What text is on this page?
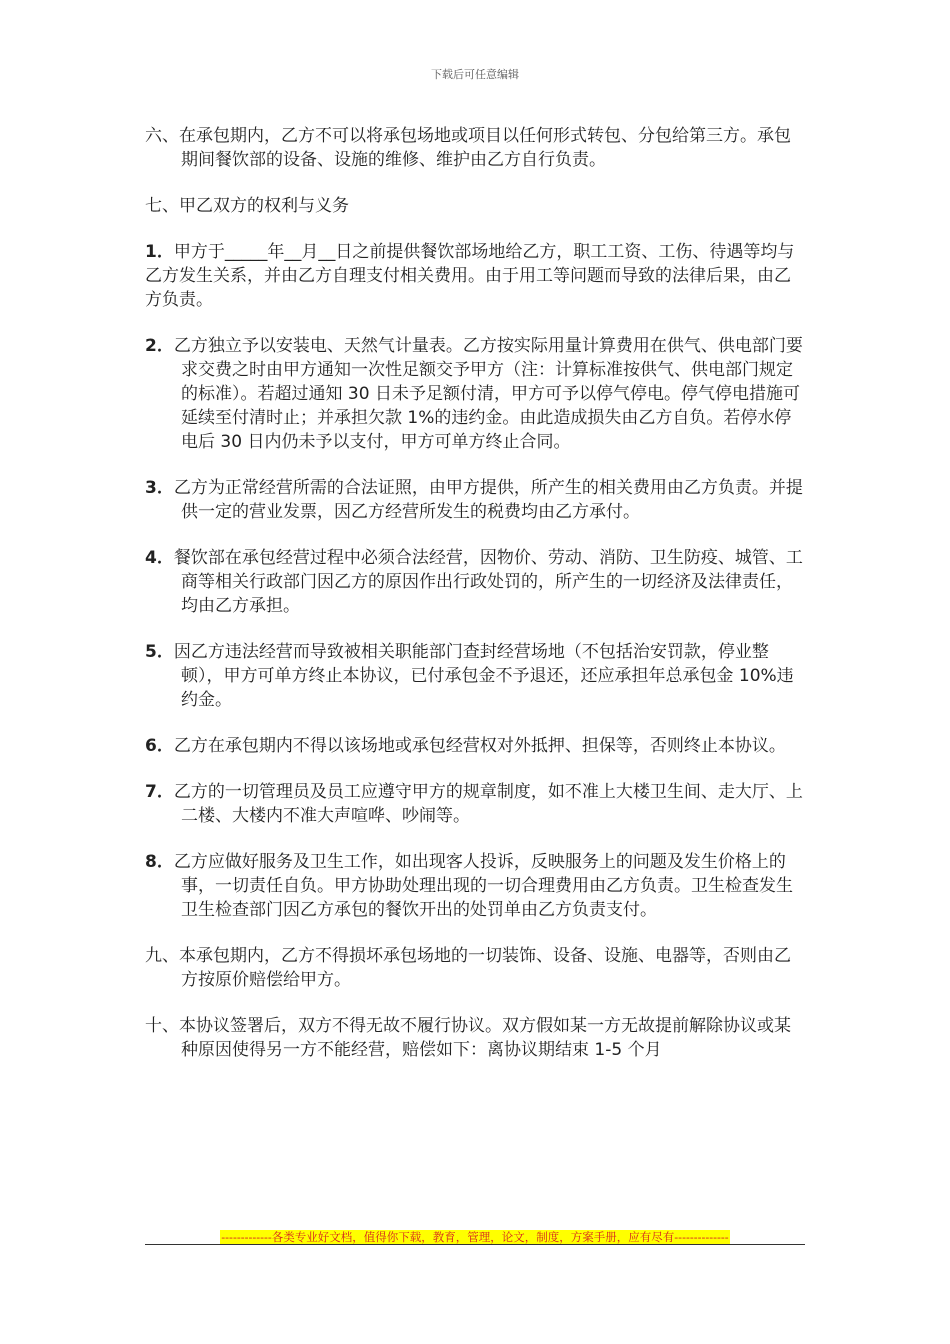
下载后可任意编辑

六、在承包期内，乙方不可以将承包场地或项目以任何形式转包、分包给第三方。承包期间餐饮部的设备、设施的维修、维护由乙方自行负责。

七、甲乙双方的权利与义务

1．甲方于_____年__月__日之前提供餐饮部场地给乙方，职工工资、工伤、待遇等均与乙方发生关系，并由乙方自理支付相关费用。由于用工等问题而导致的法律后果，由乙方负责。

2．乙方独立予以安装电、天然气计量表。乙方按实际用量计算费用在供气、供电部门要求交费之时由甲方通知一次性足额交予甲方（注：计算标准按供气、供电部门规定的标准）。若超过通知 30 日未予足额付清，甲方可予以停气停电。停气停电措施可延续至付清时止；并承担欠款 1%的违约金。由此造成损失由乙方自负。若停水停电后 30 日内仍未予以支付，甲方可单方终止合同。

3．乙方为正常经营所需的合法证照，由甲方提供，所产生的相关费用由乙方负责。并提供一定的营业发票，因乙方经营所发生的税费均由乙方承付。

4．餐饮部在承包经营过程中必须合法经营，因物价、劳动、消防、卫生防疫、城管、工商等相关行政部门因乙方的原因作出行政处罚的，所产生的一切经济及法律责任，均由乙方承担。

5．因乙方违法经营而导致被相关职能部门查封经营场地（不包括治安罚款，停业整顿），甲方可单方终止本协议，已付承包金不予退还，还应承担年总承包金 10%违约金。

6．乙方在承包期内不得以该场地或承包经营权对外抵押、担保等，否则终止本协议。

7．乙方的一切管理员及员工应遵守甲方的规章制度，如不准上大楼卫生间、走大厅、上二楼、大楼内不准大声喧哗、吵闹等。

8．乙方应做好服务及卫生工作，如出现客人投诉，反映服务上的问题及发生价格上的事，一切责任自负。甲方协助处理出现的一切合理费用由乙方负责。卫生检查发生卫生检查部门因乙方承包的餐饮开出的处罚单由乙方负责支付。

九、本承包期内，乙方不得损坏承包场地的一切装饰、设备、设施、电器等，否则由乙方按原价赔偿给甲方。

十、本协议签署后，双方不得无故不履行协议。双方假如某一方无故提前解除协议或某种原因使得另一方不能经营，赔偿如下：离协议期结束 1-5 个月

-------------各类专业好文档，值得你下载，教育，管理，论文，制度，方案手册，应有尽有--------------
